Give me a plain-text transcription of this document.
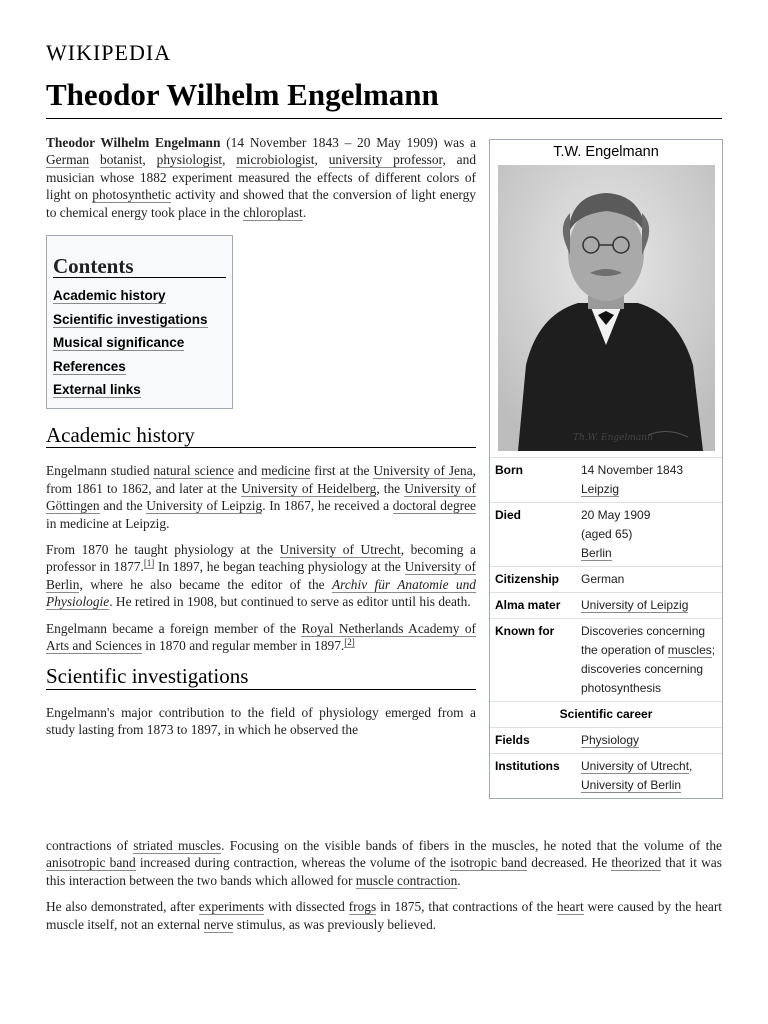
WIKIPEDIA
Theodor Wilhelm Engelmann
T.W. Engelmann
Th.W. Engelmann
Born	14 November 1843
Leipzig
Died	20 May 1909
(aged 65)
Berlin
Citizenship	German
Alma mater	University of Leipzig
Known for	Discoveries concerning the operation of muscles; discoveries concerning photosynthesis
Scientific career
Fields	Physiology
Institutions	University of Utrecht,
University of Berlin

Theodor Wilhelm Engelmann (14 November 1843 – 20 May 1909) was a German botanist, physiologist, microbiologist, university professor, and musician whose 1882 experiment measured the effects of different colors of light on photosynthetic activity and showed that the conversion of light energy to chemical energy took place in the chloroplast.

Contents
Academic history
Scientific investigations
Musical significance
References
External links
Academic history

Engelmann studied natural science and medicine first at the University of Jena, from 1861 to 1862, and later at the University of Heidelberg, the University of Göttingen and the University of Leipzig. In 1867, he received a doctoral degree in medicine at Leipzig.

From 1870 he taught physiology at the University of Utrecht, becoming a professor in 1877.[1] In 1897, he began teaching physiology at the University of Berlin, where he also became the editor of the Archiv für Anatomie und Physiologie. He retired in 1908, but continued to serve as editor until his death.

Engelmann became a foreign member of the Royal Netherlands Academy of Arts and Sciences in 1870 and regular member in 1897.[2]

Scientific investigations

Engelmann's major contribution to the field of physiology emerged from a study lasting from 1873 to 1897, in which he observed the

contractions of striated muscles. Focusing on the visible bands of fibers in the muscles, he noted that the volume of the anisotropic band increased during contraction, whereas the volume of the isotropic band decreased. He theorized that it was this interaction between the two bands which allowed for muscle contraction.

He also demonstrated, after experiments with dissected frogs in 1875, that contractions of the heart were caused by the heart muscle itself, not an external nerve stimulus, as was previously believed.
